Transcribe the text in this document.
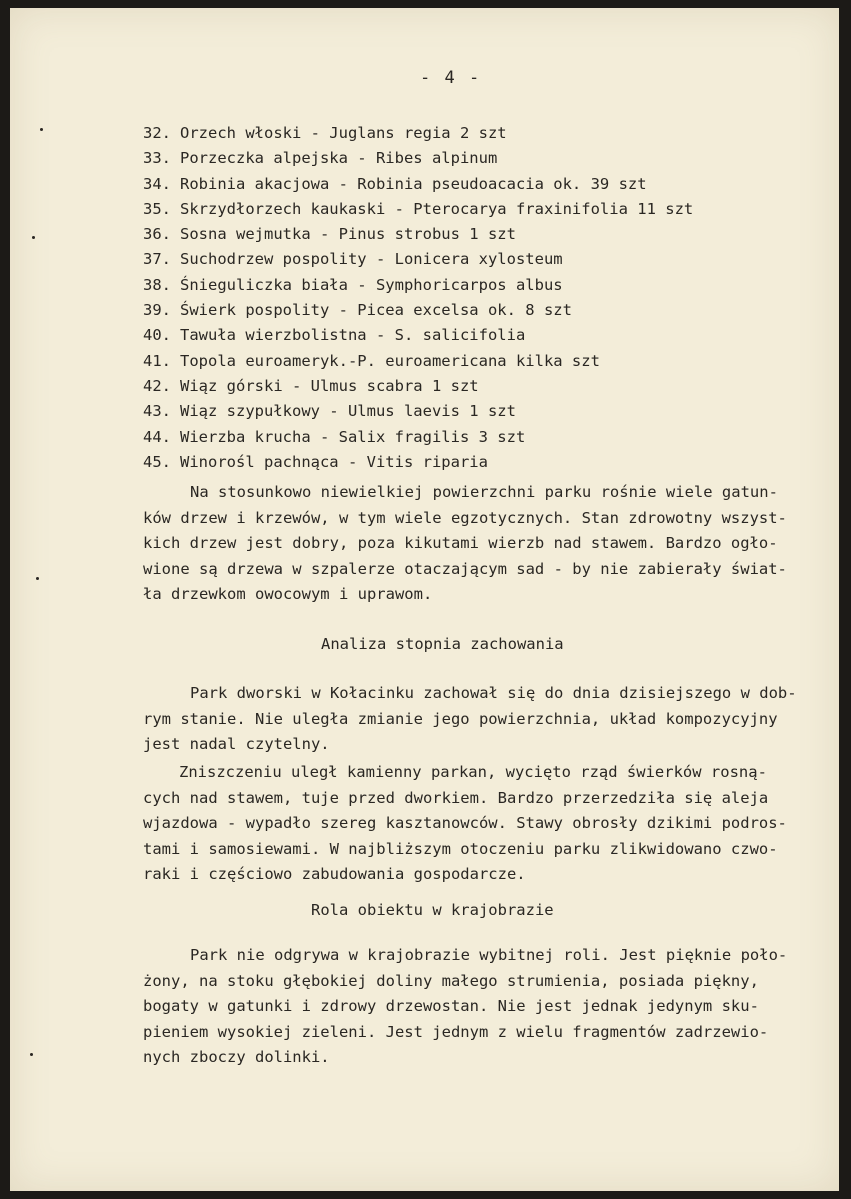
- 4 -
32. Orzech włoski - Juglans regia 2 szt
33. Porzeczka alpejska - Ribes alpinum
34. Robinia akacjowa - Robinia pseudoacacia ok. 39 szt
35. Skrzydłorzech kaukaski - Pterocarya fraxinifolia 11 szt
36. Sosna wejmutka - Pinus strobus 1 szt
37. Suchodrzew pospolity - Lonicera xylosteum
38. Śnieguliczka biała - Symphoricarpos albus
39. Świerk pospolity - Picea excelsa ok. 8 szt
40. Tawuła wierzbolistna - S. salicifolia
41. Topola euroameryk.-P. euroamericana kilka szt
42. Wiąz górski - Ulmus scabra 1 szt
43. Wiąz szypułkowy - Ulmus laevis 1 szt
44. Wierzba krucha - Salix fragilis 3 szt
45. Winorośl pachnąca - Vitis riparia
Na stosunkowo niewielkiej powierzchni parku rośnie wiele gatun-
ków drzew i krzewów, w tym wiele egzotycznych. Stan zdrowotny wszyst-
kich drzew jest dobry, poza kikutami wierzb nad stawem. Bardzo ogło-
wione są drzewa w szpalerze otaczającym sad - by nie zabierały świat-
ła drzewkom owocowym i uprawom.
Analiza stopnia zachowania
Park dworski w Kołacinku zachował się do dnia dzisiejszego w dob-
rym stanie. Nie uległa zmianie jego powierzchnia, układ kompozycyjny
jest nadal czytelny.
Zniszczeniu uległ kamienny parkan, wycięto rząd świerków rosną-
cych nad stawem, tuje przed dworkiem. Bardzo przerzedziła się aleja
wjazdowa - wypadło szereg kasztanowców. Stawy obrosły dzikimi podros-
tami i samosiewami. W najbliższym otoczeniu parku zlikwidowano czwo-
raki i częściowo zabudowania gospodarcze.
Rola obiektu w krajobrazie
Park nie odgrywa w krajobrazie wybitnej roli. Jest pięknie poło-
żony, na stoku głębokiej doliny małego strumienia, posiada piękny,
bogaty w gatunki i zdrowy drzewostan. Nie jest jednak jedynym sku-
pieniem wysokiej zieleni. Jest jednym z wielu fragmentów zadrzewio-
nych zboczy dolinki.
